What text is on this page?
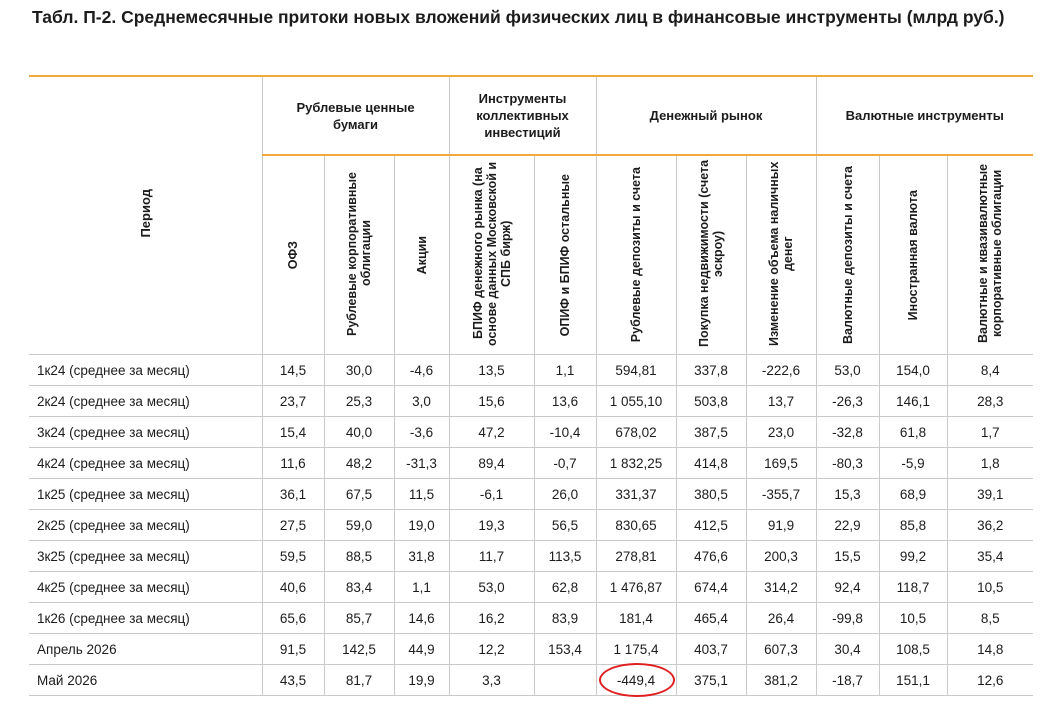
Табл. П-2. Среднемесячные притоки новых вложений физических лиц в финансовые инструменты (млрд руб.)

Период	Рублевые ценные бумаги			Инструменты коллективных инвестиций		Денежный рынок			Валютные инструменты		

	ОФЗ	Рублевые корпоративные облигации	Акции	БПИФ денежного рынка (на основе данных Московской и СПБ бирж)	ОПИФ и БПИФ остальные	Рублевые депозиты и счета	Покупка недвижимости (счета эскроу)	Изменение объема наличных денег	Валютные депозиты и счета	Иностранная валюта	Валютные и квазивалютные корпоративные облигации

1к24 (среднее за месяц)	14,5	30,0	-4,6	13,5	1,1	594,81	337,8	-222,6	53,0	154,0	8,4
2к24 (среднее за месяц)	23,7	25,3	3,0	15,6	13,6	1 055,10	503,8	13,7	-26,3	146,1	28,3
3к24 (среднее за месяц)	15,4	40,0	-3,6	47,2	-10,4	678,02	387,5	23,0	-32,8	61,8	1,7
4к24 (среднее за месяц)	11,6	48,2	-31,3	89,4	-0,7	1 832,25	414,8	169,5	-80,3	-5,9	1,8
1к25 (среднее за месяц)	36,1	67,5	11,5	-6,1	26,0	331,37	380,5	-355,7	15,3	68,9	39,1
2к25 (среднее за месяц)	27,5	59,0	19,0	19,3	56,5	830,65	412,5	91,9	22,9	85,8	36,2
3к25 (среднее за месяц)	59,5	88,5	31,8	11,7	113,5	278,81	476,6	200,3	15,5	99,2	35,4
4к25 (среднее за месяц)	40,6	83,4	1,1	53,0	62,8	1 476,87	674,4	314,2	92,4	118,7	10,5
1к26 (среднее за месяц)	65,6	85,7	14,6	16,2	83,9	181,4	465,4	26,4	-99,8	10,5	8,5
Апрель 2026	91,5	142,5	44,9	12,2	153,4	1 175,4	403,7	607,3	30,4	108,5	14,8
Май 2026	43,5	81,7	19,9	3,3		-449,4	375,1	381,2	-18,7	151,1	12,6
